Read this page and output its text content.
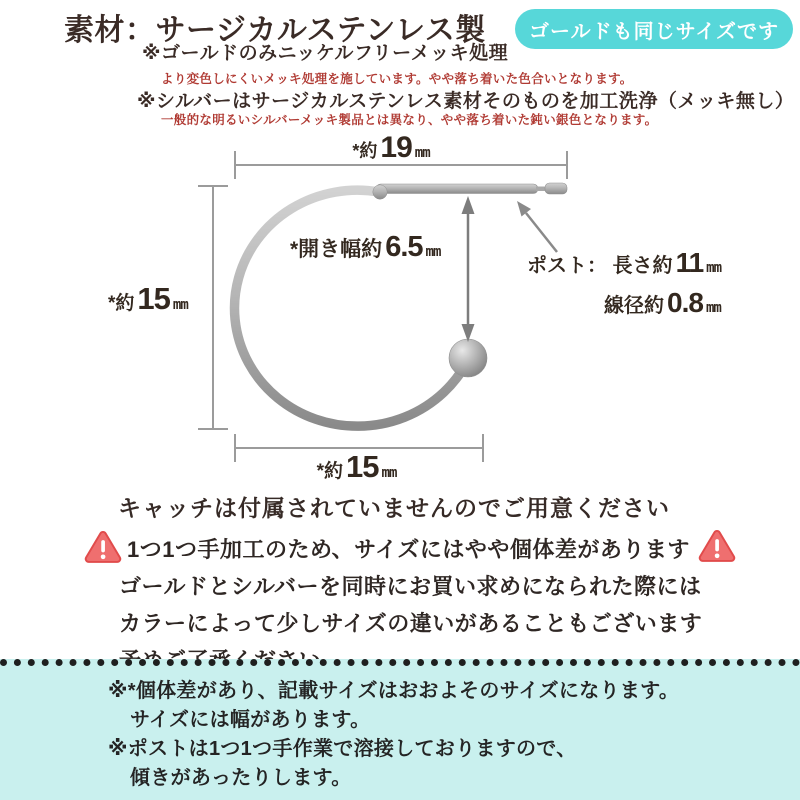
素材：サージカルステンレス製 ゴールドも同じサイズです
※ゴールドのみニッケルフリーメッキ処理
より変色しにくいメッキ処理を施しています。やや落ち着いた色合いとなります。
※シルバーはサージカルステンレス素材そのものを加工洗浄（メッキ無し）
一般的な明るいシルバーメッキ製品とは異なり、やや落ち着いた鈍い銀色となります。
*約 19 mm
*約 15 mm
*開き幅約 6.5 mm
*約 15 mm
ポスト： 長さ約 11 mm
線径約 0.8 mm
キャッチは付属されていませんのでご用意ください
1つ1つ手加工のため、サイズにはやや個体差があります
ゴールドとシルバーを同時にお買い求めになられた際には
カラーによって少しサイズの違いがあることもございます
※*個体差があり、記載サイズはおおよそのサイズになります。
サイズには幅があります。
※ポストは1つ1つ手作業で溶接しておりますので、
傾きがあったりします。
